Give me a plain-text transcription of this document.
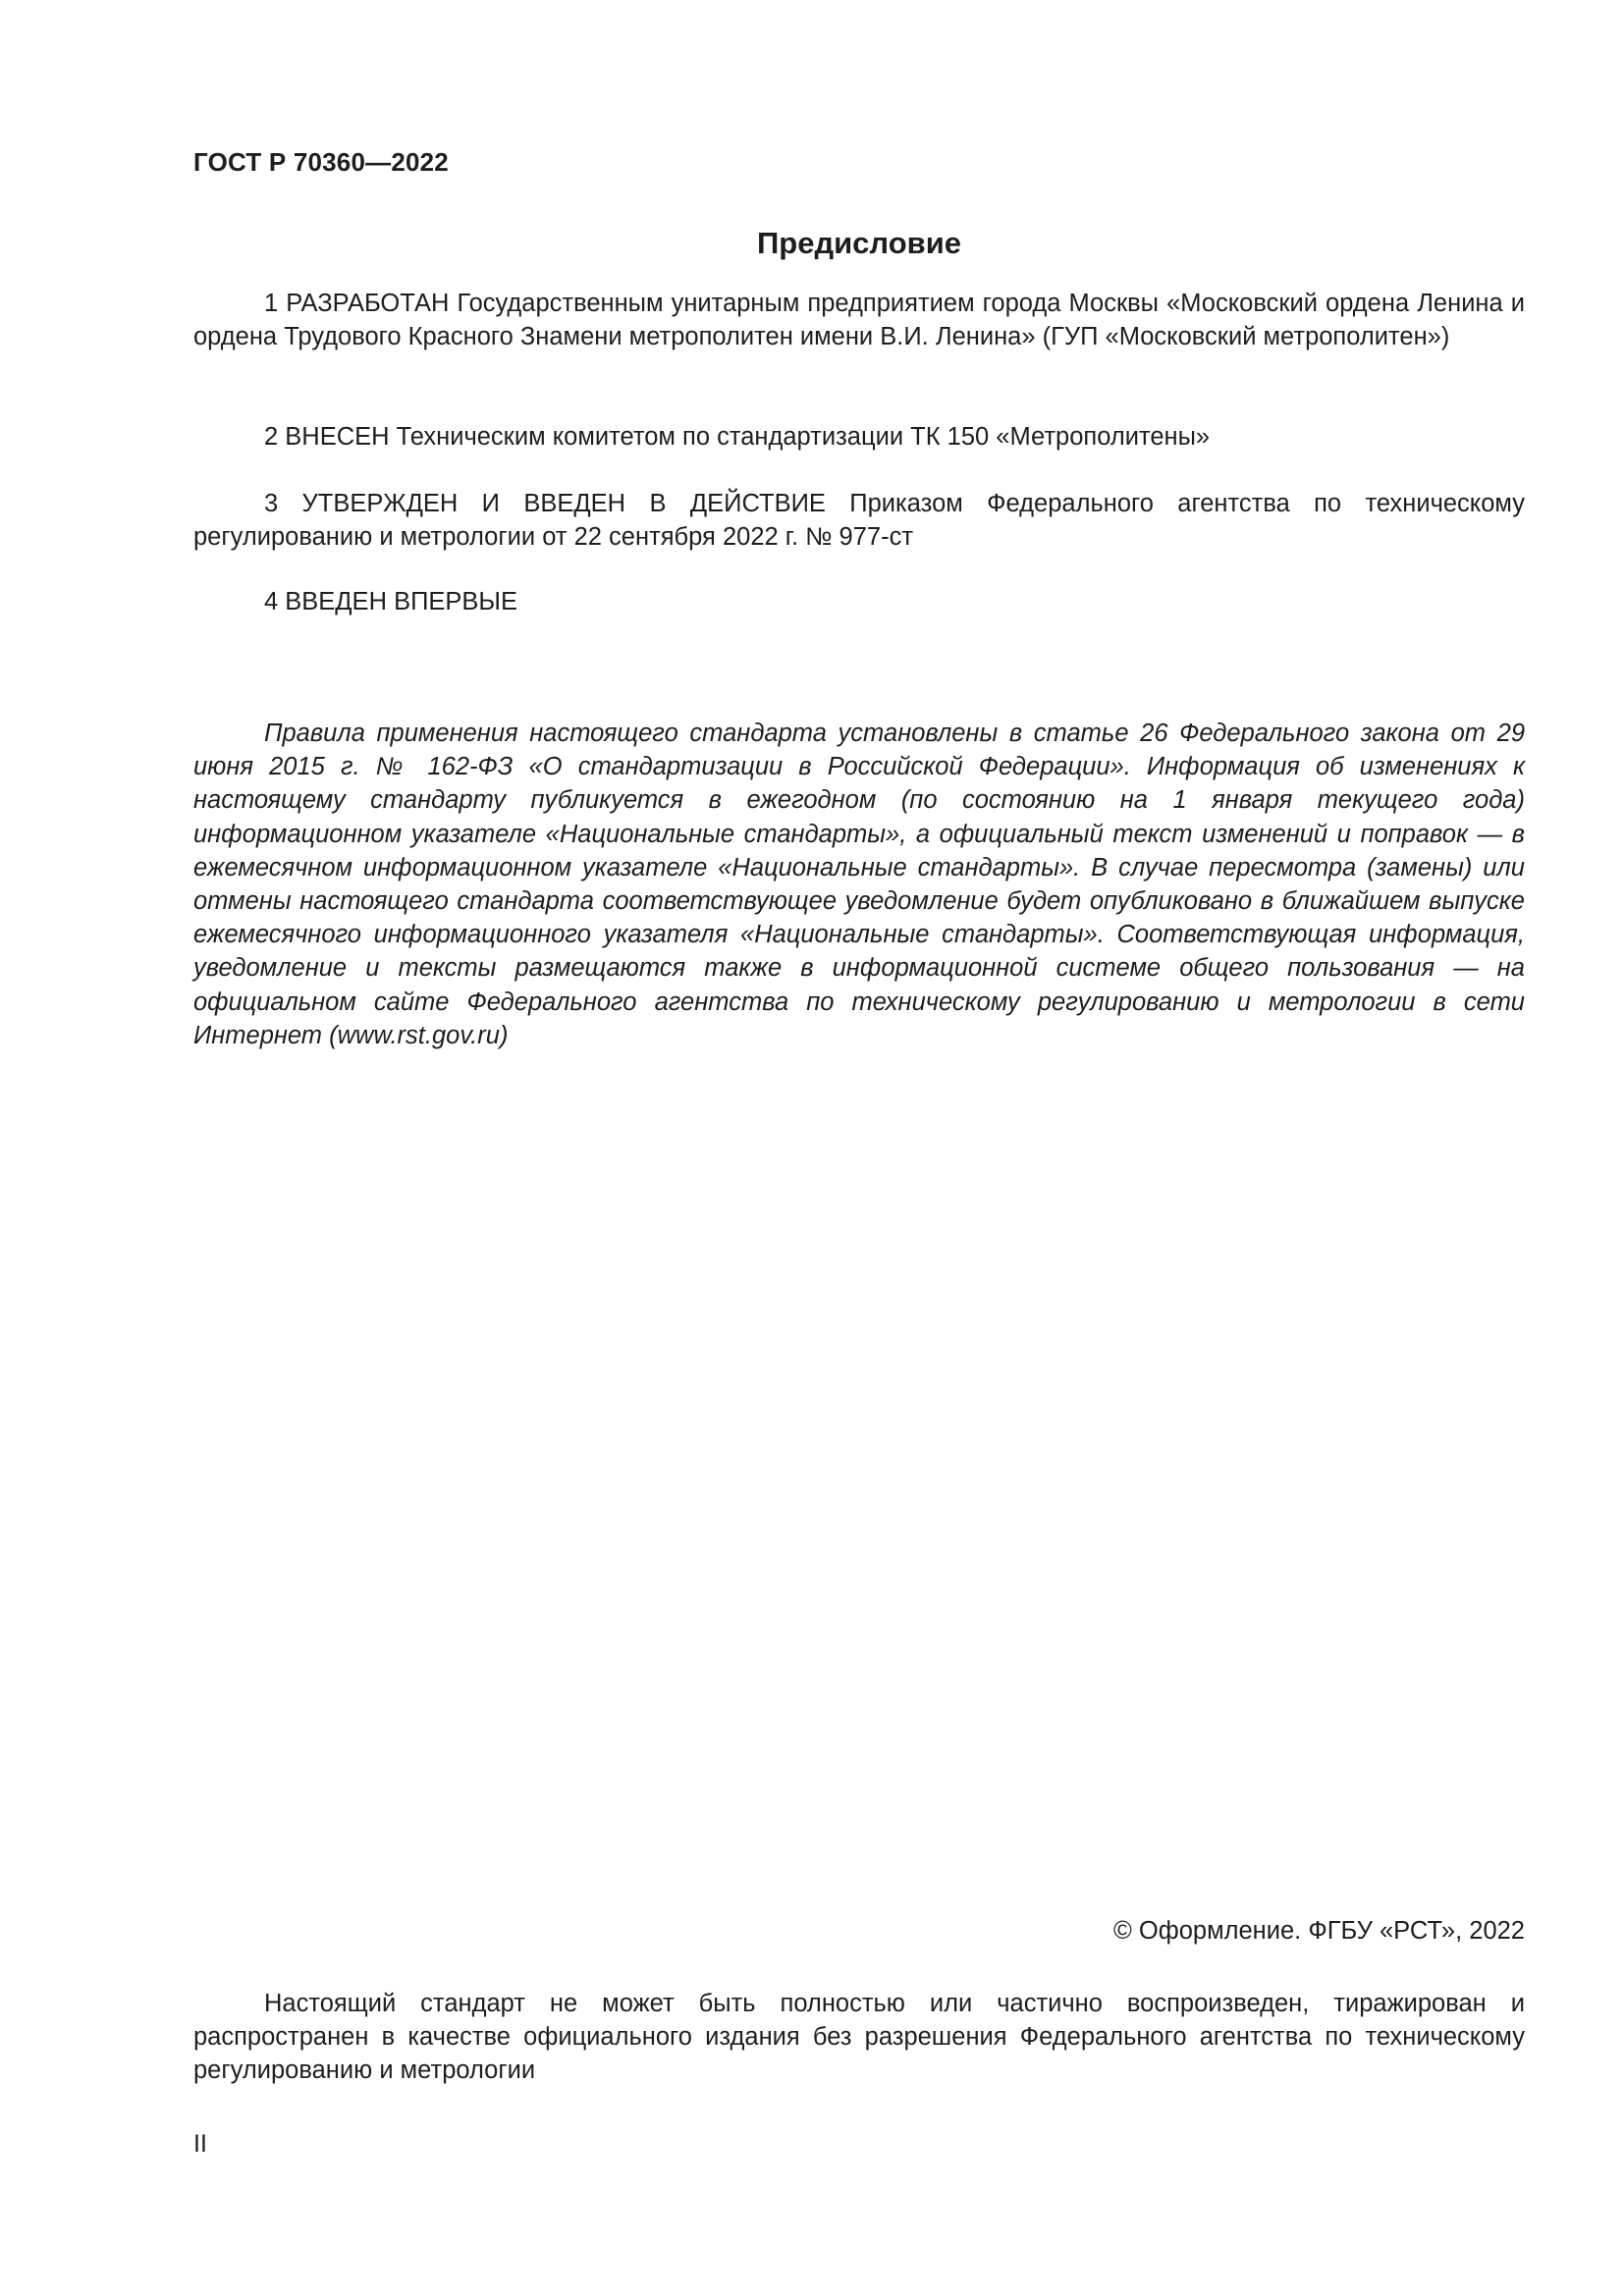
ГОСТ Р 70360—2022
Предисловие

1 РАЗРАБОТАН Государственным унитарным предприятием города Москвы «Московский ордена Ленина и ордена Трудового Красного Знамени метрополитен имени В.И. Ленина» (ГУП «Московский метрополитен»)

2 ВНЕСЕН Техническим комитетом по стандартизации ТК 150 «Метрополитены»

3 УТВЕРЖДЕН И ВВЕДЕН В ДЕЙСТВИЕ Приказом Федерального агентства по техническому регулированию и метрологии от 22 сентября 2022 г. № 977-ст

4 ВВЕДЕН ВПЕРВЫЕ

Правила применения настоящего стандарта установлены в статье 26 Федерального закона от 29 июня 2015 г. № 162-ФЗ «О стандартизации в Российской Федерации». Информация об изменениях к настоящему стандарту публикуется в ежегодном (по состоянию на 1 января текущего года) информационном указателе «Национальные стандарты», а официальный текст изменений и поправок — в ежемесячном информационном указателе «Национальные стандарты». В случае пересмотра (замены) или отмены настоящего стандарта соответствующее уведомление будет опубликовано в ближайшем выпуске ежемесячного информационного указателя «Национальные стандарты». Соответствующая информация, уведомление и тексты размещаются также в информационной системе общего пользования — на официальном сайте Федерального агентства по техническому регулированию и метрологии в сети Интернет (www.rst.gov.ru)

© Оформление. ФГБУ «РСТ», 2022

Настоящий стандарт не может быть полностью или частично воспроизведен, тиражирован и распространен в качестве официального издания без разрешения Федерального агентства по техническому регулированию и метрологии

II
